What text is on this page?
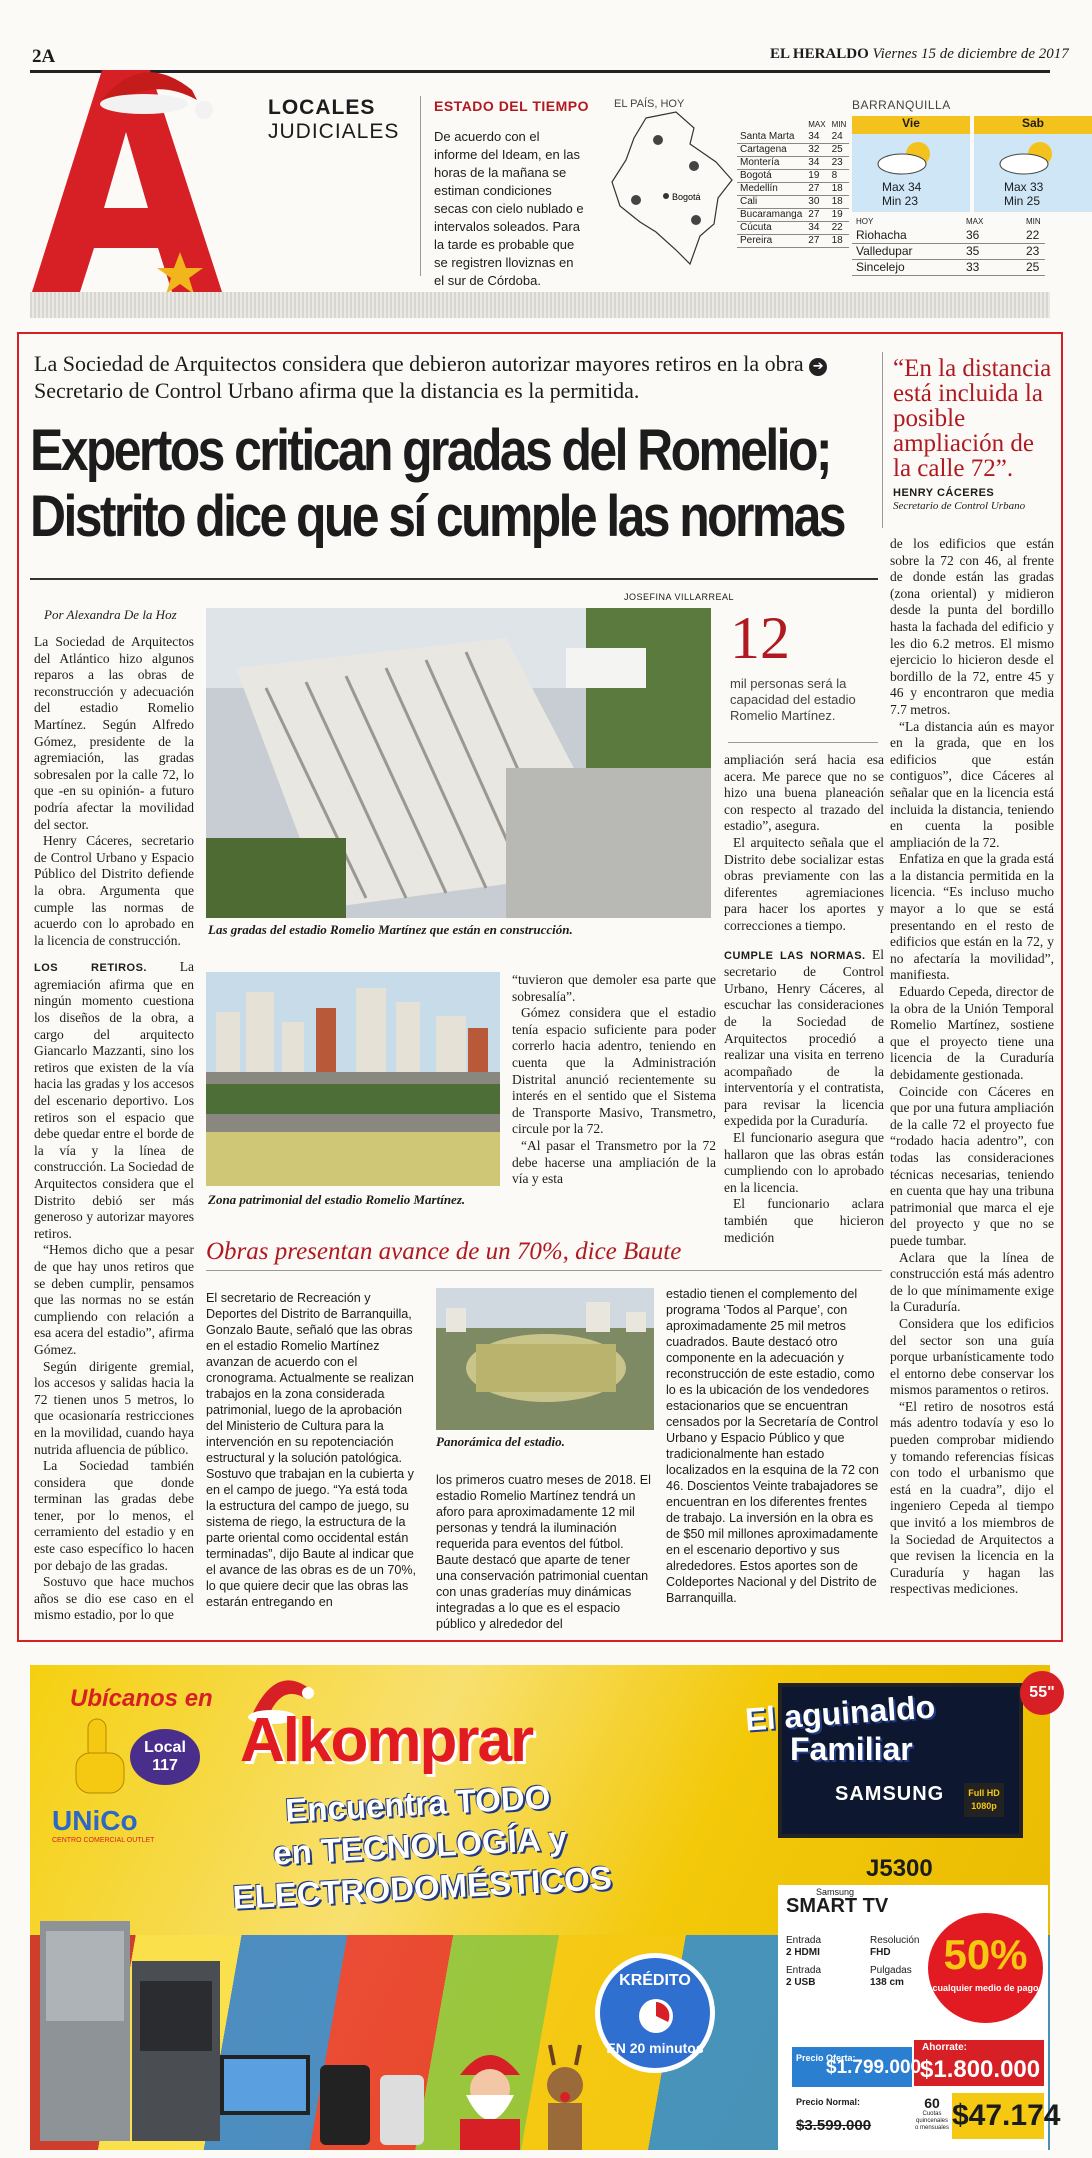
2A	EL HERALDO Viernes 15 de diciembre de 2017
LOCALES
JUDICIALES
ESTADO DEL TIEMPO
De acuerdo con el informe del Ideam, en las horas de la mañana se estiman condiciones secas con cielo nublado e intervalos soleados. Para la tarde es probable que se registren lloviznas en el sur de Córdoba.
EL PAÍS, HOY
Bogotá
	MAX	MIN
Santa Marta	34	24
Cartagena	32	25
Montería	34	23
Bogotá	19	8
Medellín	27	18
Cali	30	18
Bucaramanga	27	19
Cúcuta	34	22
Pereira	27	18
BARRANQUILLA
Vie
Max 34
Min 23
Sab
Max 33
Min 25
HOY	MAX	MIN
Riohacha	36	22
Valledupar	35	23
Sincelejo	33	25
La Sociedad de Arquitectos considera que debieron autorizar mayores retiros en la obra ➔ Secretario de Control Urbano afirma que la distancia es la permitida.
Expertos critican gradas del Romelio;
Distrito dice que sí cumple las normas
“En la distancia está incluida la posible ampliación de la calle 72”.
HENRY CÁCERES
Secretario de Control Urbano
Por Alexandra De la Hoz

La Sociedad de Arquitectos del Atlántico hizo algunos reparos a las obras de reconstrucción y adecuación del estadio Romelio Martínez. Según Alfredo Gómez, presidente de la agremiación, las gradas sobresalen por la calle 72, lo que -en su opinión- a futuro podría afectar la movilidad del sector.

Henry Cáceres, secretario de Control Urbano y Espacio Público del Distrito defiende la obra. Argumenta que cumple las normas de acuerdo con lo aprobado en la licencia de construcción.

LOS RETIROS. La agremiación afirma que en ningún momento cuestiona los diseños de la obra, a cargo del arquitecto Giancarlo Mazzanti, sino los retiros que existen de la vía hacia las gradas y los accesos del escenario deportivo. Los retiros son el espacio que debe quedar entre el borde de la vía y la línea de construcción. La Sociedad de Arquitectos considera que el Distrito debió ser más generoso y autorizar mayores retiros.

“Hemos dicho que a pesar de que hay unos retiros que se deben cumplir, pensamos que las normas no se están cumpliendo con relación a esa acera del estadio”, afirma Gómez.

Según dirigente gremial, los accesos y salidas hacia la 72 tienen unos 5 metros, lo que ocasionaría restricciones en la movilidad, cuando haya nutrida afluencia de público.

La Sociedad también considera que donde terminan las gradas debe tener, por lo menos, el cerramiento del estadio y en este caso específico lo hacen por debajo de las gradas.

Sostuvo que hace muchos años se dio ese caso en el mismo estadio, por lo que

JOSEFINA VILLARREAL
Las gradas del estadio Romelio Martínez que están en construcción.
12
mil personas será la capacidad del estadio Romelio Martínez.
Zona patrimonial del estadio Romelio Martínez.

“tuvieron que demoler esa parte que sobresalía”.

Gómez considera que el estadio tenía espacio suficiente para poder correrlo hacia adentro, teniendo en cuenta que la Administración Distrital anunció recientemente su interés en el sentido que el Sistema de Transporte Masivo, Transmetro, circule por la 72.

“Al pasar el Transmetro por la 72 debe hacerse una ampliación de la vía y esta

ampliación será hacia esa acera. Me parece que no se hizo una buena planeación con respecto al trazado del estadio”, asegura.

El arquitecto señala que el Distrito debe socializar estas obras previamente con las diferentes agremiaciones para hacer los aportes y correcciones a tiempo.

CUMPLE LAS NORMAS. El secretario de Control Urbano, Henry Cáceres, al escuchar las consideraciones de la Sociedad de Arquitectos procedió a realizar una visita en terreno acompañado de la interventoría y el contratista, para revisar la licencia expedida por la Curaduría.

El funcionario asegura que hallaron que las obras están cumpliendo con lo aprobado en la licencia.

El funcionario aclara también que hicieron medición

de los edificios que están sobre la 72 con 46, al frente de donde están las gradas (zona oriental) y midieron desde la punta del bordillo hasta la fachada del edificio y les dio 6.2 metros. El mismo ejercicio lo hicieron desde el bordillo de la 72, entre 45 y 46 y encontraron que media 7.7 metros.

“La distancia aún es mayor en la grada, que en los edificios que están contiguos”, dice Cáceres al señalar que en la licencia está incluida la distancia, teniendo en cuenta la posible ampliación de la 72.

Enfatiza en que la grada está a la distancia permitida en la licencia. “Es incluso mucho mayor a lo que se está presentando en el resto de edificios que están en la 72, y no afectaría la movilidad”, manifiesta.

Eduardo Cepeda, director de la obra de la Unión Temporal Romelio Martínez, sostiene que el proyecto tiene una licencia de la Curaduría debidamente gestionada.

Coincide con Cáceres en que por una futura ampliación de la calle 72 el proyecto fue “rodado hacia adentro”, con todas las consideraciones técnicas necesarias, teniendo en cuenta que hay una tribuna patrimonial que marca el eje del proyecto y que no se puede tumbar.

Aclara que la línea de construcción está más adentro de lo que mínimamente exige la Curaduría.

Considera que los edificios del sector son una guía porque urbanísticamente todo el entorno debe conservar los mismos paramentos o retiros.

“El retiro de nosotros está más adentro todavía y eso lo pueden comprobar midiendo y tomando referencias físicas con todo el urbanismo que está en la cuadra”, dijo el ingeniero Cepeda al tiempo que invitó a los miembros de la Sociedad de Arquitectos a que revisen la licencia en la Curaduría y hagan las respectivas mediciones.

Obras presentan avance de un 70%, dice Baute
El secretario de Recreación y Deportes del Distrito de Barranquilla, Gonzalo Baute, señaló que las obras en el estadio Romelio Martínez avanzan de acuerdo con el cronograma. Actualmente se realizan trabajos en la zona considerada patrimonial, luego de la aprobación del Ministerio de Cultura para la intervención en su repotenciación estructural y la solución patológica. Sostuvo que trabajan en la cubierta y en el campo de juego. “Ya está toda la estructura del campo de juego, su sistema de riego, la estructura de la parte oriental como occidental están terminadas”, dijo Baute al indicar que el avance de las obras es de un 70%, lo que quiere decir que las obras las estarán entregando en
Panorámica del estadio.
los primeros cuatro meses de 2018. El estadio Romelio Martínez tendrá un aforo para aproximadamente 12 mil personas y tendrá la iluminación requerida para eventos del fútbol. Baute destacó que aparte de tener una conservación patrimonial cuentan con unas graderías muy dinámicas integradas a lo que es el espacio público y alrededor del
estadio tienen el complemento del programa ‘Todos al Parque’, con aproximadamente 25 mil metros cuadrados. Baute destacó otro componente en la adecuación y reconstrucción de este estadio, como lo es la ubicación de los vendedores estacionarios que se encuentran censados por la Secretaría de Control Urbano y Espacio Público y que tradicionalmente han estado localizados en la esquina de la 72 con 46. Doscientos Veinte trabajadores se encuentran en los diferentes frentes de trabajo. La inversión en la obra es de $50 mil millones aproximadamente en el escenario deportivo y sus alrededores. Estos aportes son de Coldeportes Nacional y del Distrito de Barranquilla.
Ubícanos en
Local
117
UNiCo
CENTRO COMERCIAL OUTLET
Alkomprar
Encuentra TODO
en TECNOLOGÍA y
ELECTRODOMÉSTICOS
KRÉDITO
EN 20 minutos
El aguinaldo
Familiar
SAMSUNG	Full HD
1080p
55"
J5300
Samsung
SMART TV
Entrada
2 HDMI
Entrada
2 USB
Resolución
FHD
Pulgadas
138 cm
50%
cualquier medio de pago
Ahorrate:
$1.800.000
Precio Oferta:
$1.799.000
Precio Normal:
$3.599.000
60
Cuotas quincenales o mensuales $47.174
